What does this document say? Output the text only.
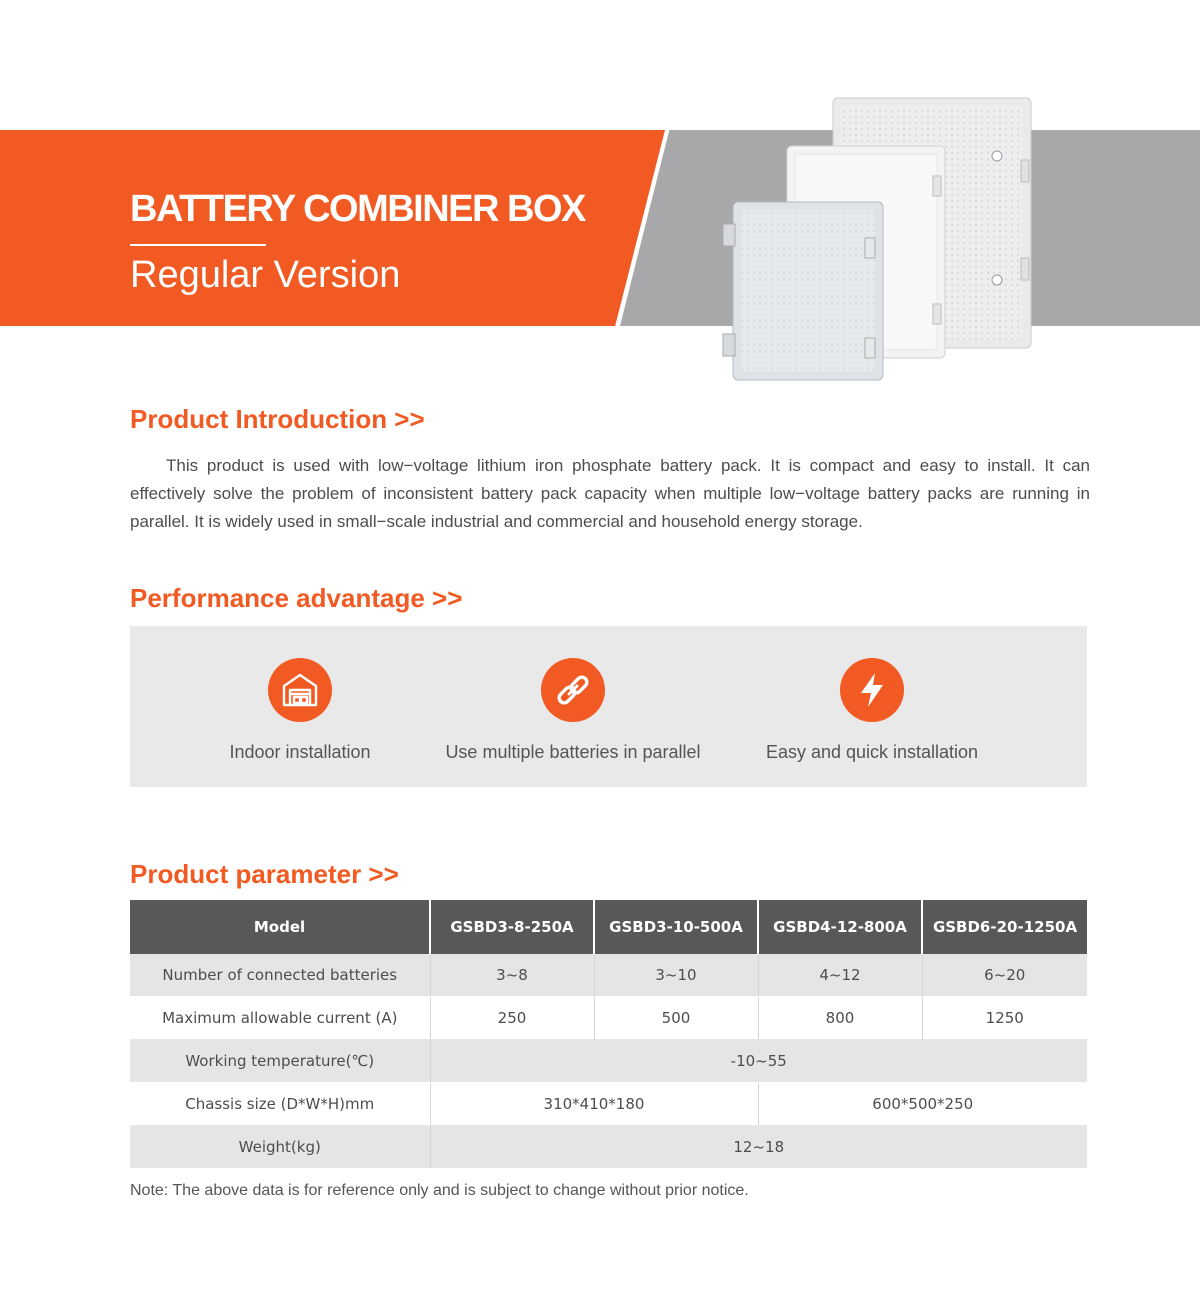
BATTERY COMBINER BOX
Regular Version
Product Introduction >>

This product is used with low−voltage lithium iron phosphate battery pack. It is compact and easy to install. It can effectively solve the problem of inconsistent battery pack capacity when multiple low−voltage battery packs are running in parallel. It is widely used in small−scale industrial and commercial and household energy storage.

Performance advantage >>
Indoor installation	Use multiple batteries in parallel	Easy and quick installation
Product parameter >>
Model	GSBD3-8-250A	GSBD3-10-500A	GSBD4-12-800A	GSBD6-20-1250A
Number of connected batteries	3~8	3~10	4~12	6~20
Maximum allowable current (A)	250	500	800	1250
Working temperature(℃)	-10~55			
Chassis size (D*W*H)mm	310*410*180		600*500*250	
Weight(kg)	12~18			
Note: The above data is for reference only and is subject to change without prior notice.
